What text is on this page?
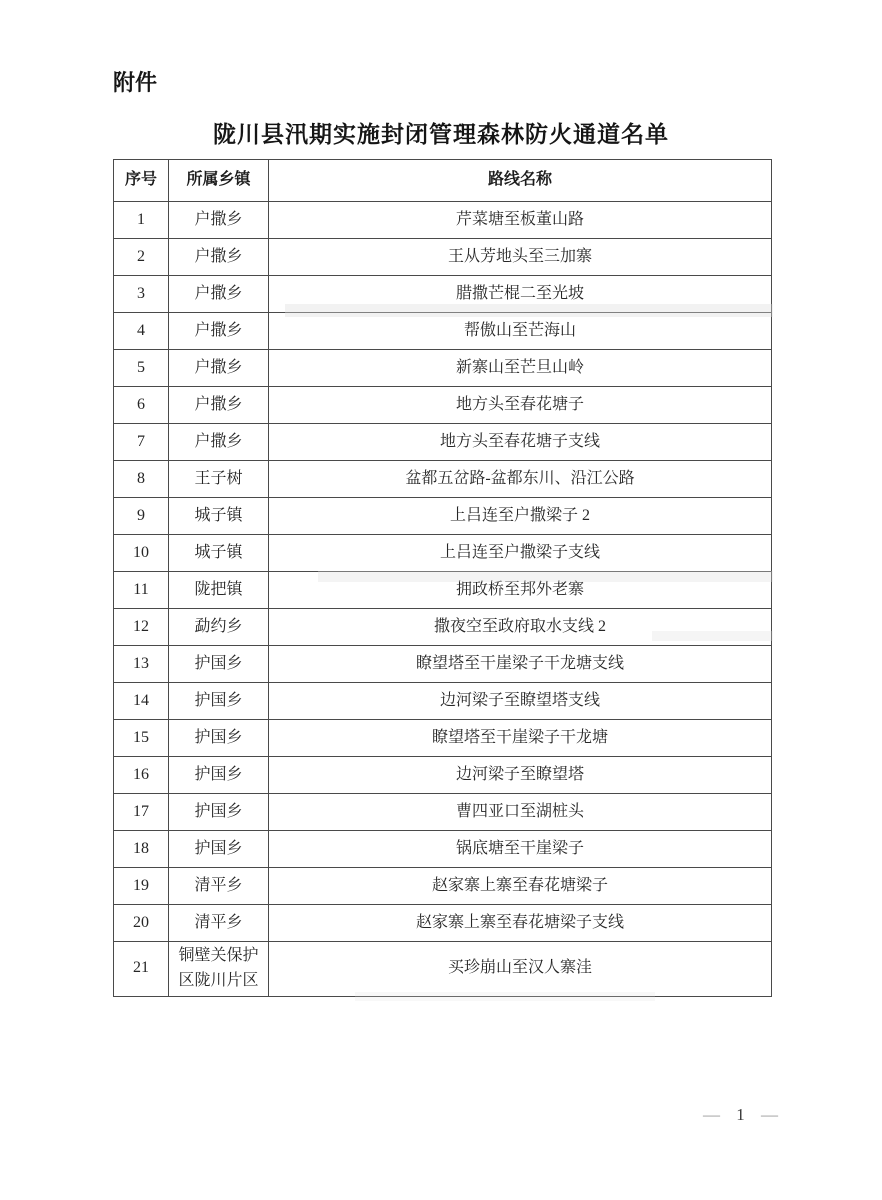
附件
陇川县汛期实施封闭管理森林防火通道名单
序号	所属乡镇	路线名称
1	户撒乡	芹菜塘至板董山路
2	户撒乡	王从芳地头至三加寨
3	户撒乡	腊撒芒棍二至光坡
4	户撒乡	帮傲山至芒海山
5	户撒乡	新寨山至芒旦山岭
6	户撒乡	地方头至春花塘子
7	户撒乡	地方头至春花塘子支线
8	王子树	盆都五岔路-盆都东川、沿江公路
9	城子镇	上吕连至户撒梁子 2
10	城子镇	上吕连至户撒梁子支线
11	陇把镇	拥政桥至邦外老寨
12	勐约乡	撒夜空至政府取水支线 2
13	护国乡	瞭望塔至干崖梁子干龙塘支线
14	护国乡	边河梁子至瞭望塔支线
15	护国乡	瞭望塔至干崖梁子干龙塘
16	护国乡	边河梁子至瞭望塔
17	护国乡	曹四亚口至湖桩头
18	护国乡	锅底塘至干崖梁子
19	清平乡	赵家寨上寨至春花塘梁子
20	清平乡	赵家寨上寨至春花塘梁子支线
21	铜壁关保护区陇川片区	买珍崩山至汉人寨洼
— 1 —
